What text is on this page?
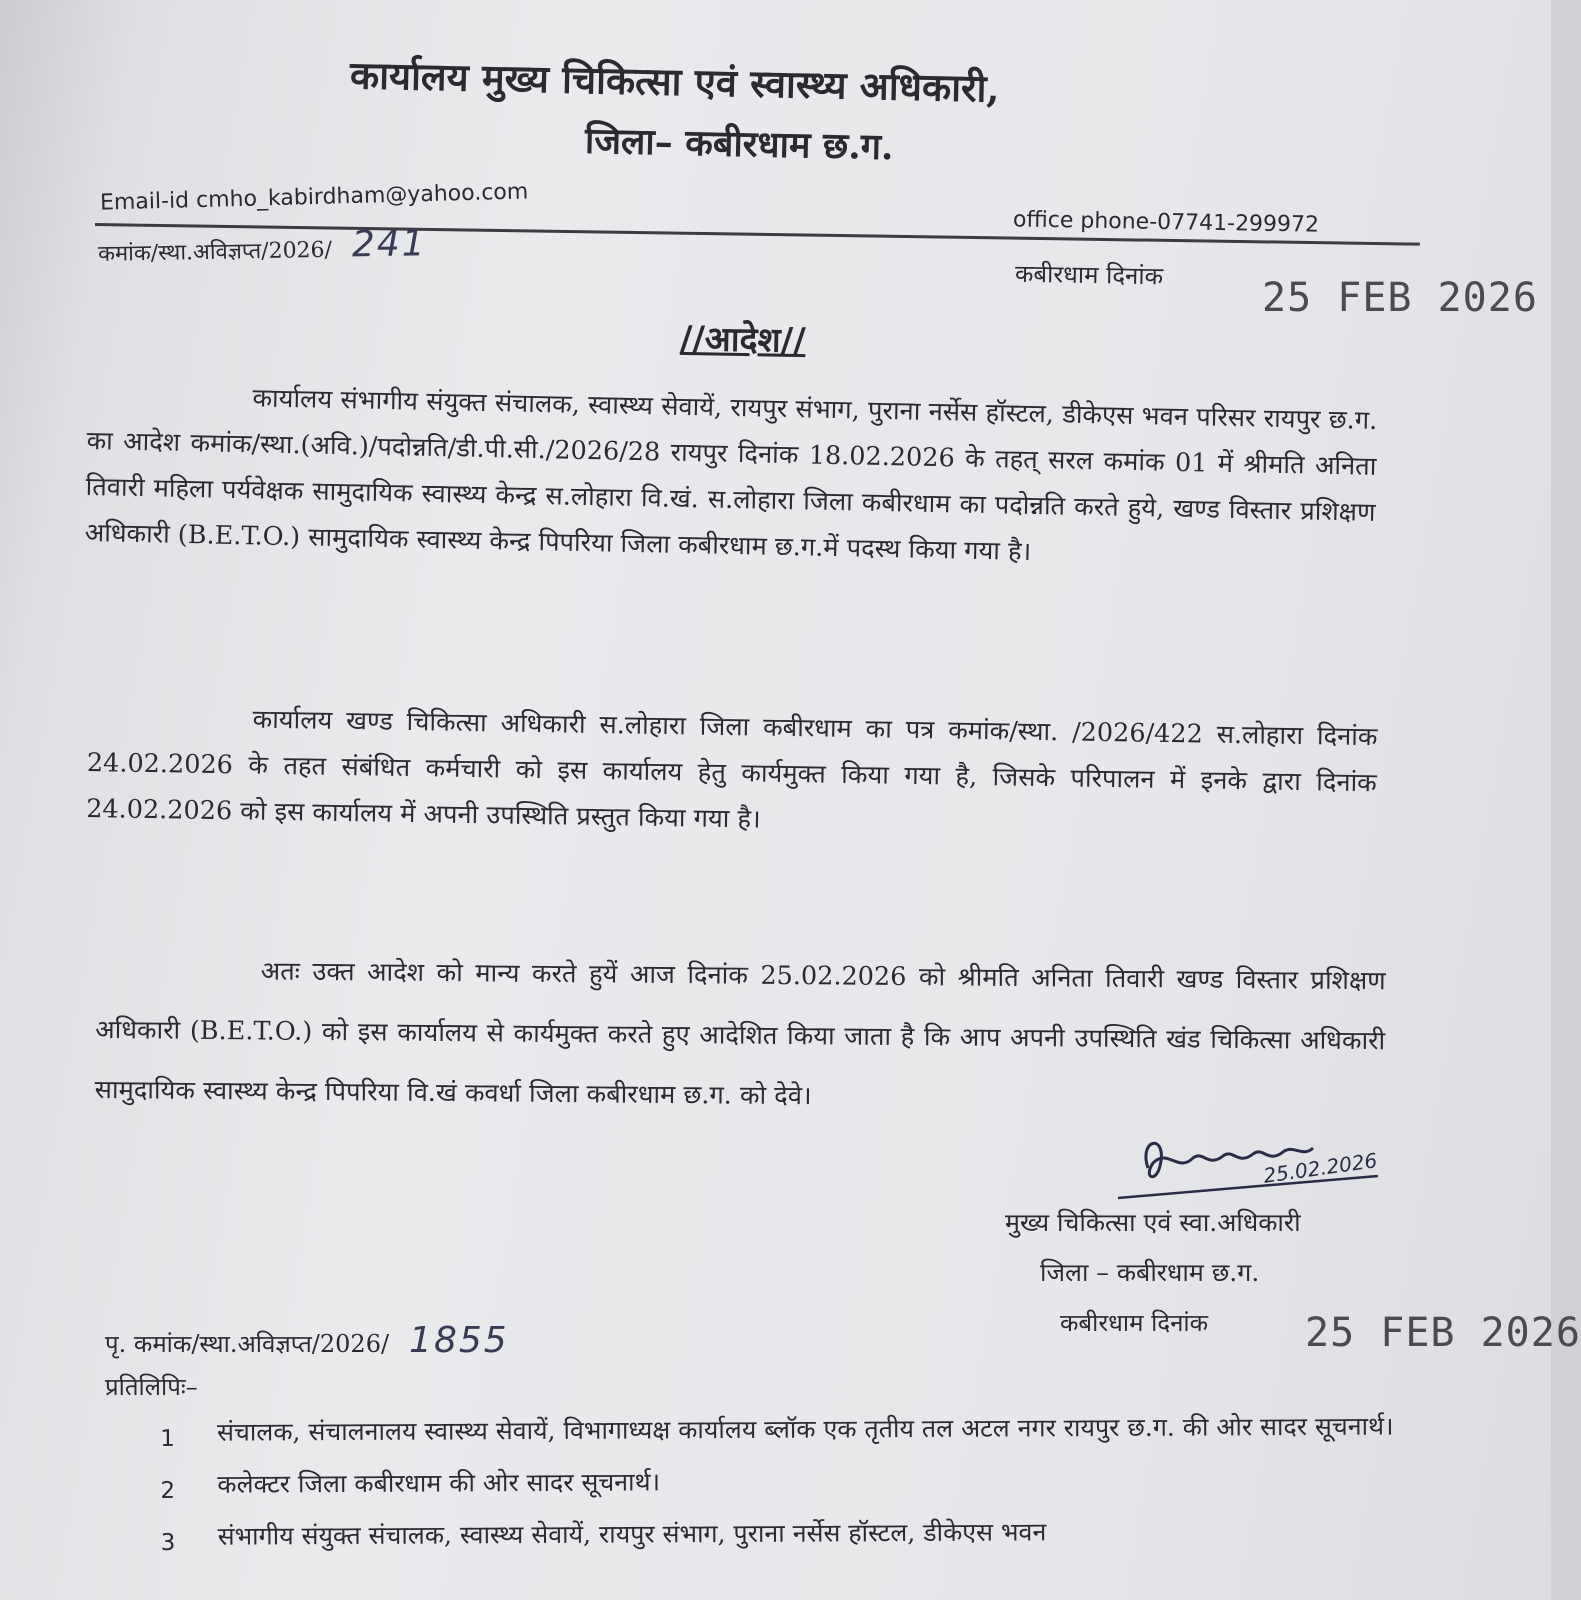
कार्यालय मुख्य चिकित्सा एवं स्वास्थ्य अधिकारी,
जिला– कबीरधाम छ.ग.
Email-id cmho_kabirdham@yahoo.com
office phone-07741-299972
कमांक/स्था.अविज्ञप्त/2026/ 241
कबीरधाम दिनांक
25 FEB 2026
//आदेश//
कार्यालय संभागीय संयुक्त संचालक, स्वास्थ्य सेवायें, रायपुर संभाग, पुराना नर्सेस हॉस्टल, डीकेएस भवन परिसर रायपुर छ.ग. का आदेश कमांक/स्था.(अवि.)/पदोन्नति/डी.पी.सी./2026/28 रायपुर दिनांक 18.02.2026 के तहत् सरल कमांक 01 में श्रीमति अनिता तिवारी महिला पर्यवेक्षक सामुदायिक स्वास्थ्य केन्द्र स.लोहारा वि.खं. स.लोहारा जिला कबीरधाम का पदोन्नति करते हुये, खण्ड विस्तार प्रशिक्षण अधिकारी (B.E.T.O.) सामुदायिक स्वास्थ्य केन्द्र पिपरिया जिला कबीरधाम छ.ग.में पदस्थ किया गया है।
कार्यालय खण्ड चिकित्सा अधिकारी स.लोहारा जिला कबीरधाम का पत्र कमांक/स्था. /2026/422 स.लोहारा दिनांक 24.02.2026 के तहत संबंधित कर्मचारी को इस कार्यालय हेतु कार्यमुक्त किया गया है, जिसके परिपालन में इनके द्वारा दिनांक 24.02.2026 को इस कार्यालय में अपनी उपस्थिति प्रस्तुत किया गया है।
अतः उक्त आदेश को मान्य करते हुयें आज दिनांक 25.02.2026 को श्रीमति अनिता तिवारी खण्ड विस्तार प्रशिक्षण अधिकारी (B.E.T.O.) को इस कार्यालय से कार्यमुक्त करते हुए आदेशित किया जाता है कि आप अपनी उपस्थिति खंड चिकित्सा अधिकारी सामुदायिक स्वास्थ्य केन्द्र पिपरिया वि.खं कवर्धा जिला कबीरधाम छ.ग. को देवे।
25.02.2026
मुख्य चिकित्सा एवं स्वा.अधिकारी
जिला – कबीरधाम छ.ग.
कबीरधाम दिनांक 25 FEB 2026
पृ. कमांक/स्था.अविज्ञप्त/2026/ 1855
प्रतिलिपिः–
1	संचालक, संचालनालय स्वास्थ्य सेवायें, विभागाध्यक्ष कार्यालय ब्लॉक एक तृतीय तल अटल नगर रायपुर छ.ग. की ओर सादर सूचनार्थ।
2	कलेक्टर जिला कबीरधाम की ओर सादर सूचनार्थ।
3	संभागीय संयुक्त संचालक, स्वास्थ्य सेवायें, रायपुर संभाग, पुराना नर्सेस हॉस्टल, डीकेएस भवन
